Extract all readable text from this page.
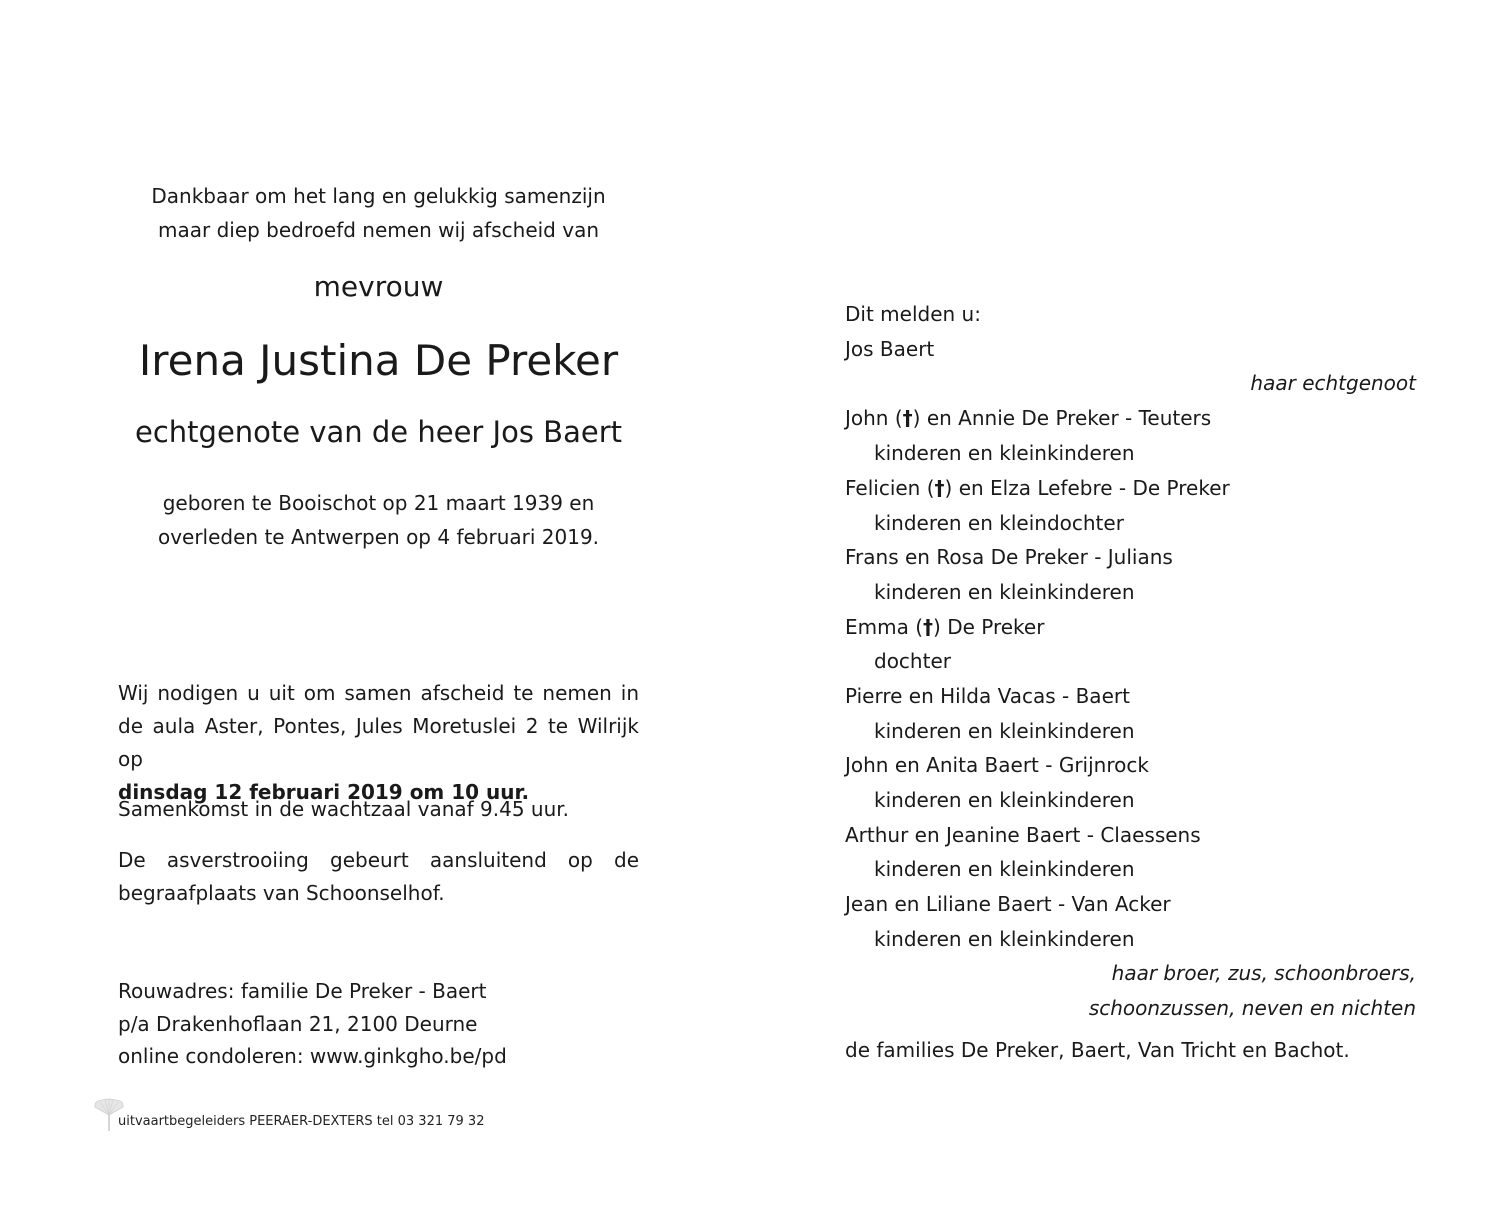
Dankbaar om het lang en gelukkig samenzijn
maar diep bedroefd nemen wij afscheid van
mevrouw
Irena Justina De Preker
echtgenote van de heer Jos Baert
geboren te Booischot op 21 maart 1939 en
overleden te Antwerpen op 4 februari 2019.
Wij nodigen u uit om samen afscheid te nemen in
de aula Aster, Pontes, Jules Moretuslei 2 te Wilrijk op
dinsdag 12 februari 2019 om 10 uur.
Samenkomst in de wachtzaal vanaf 9.45 uur.
De asverstrooiing gebeurt aansluitend op de
begraafplaats van Schoonselhof.
Rouwadres: familie De Preker - Baert
p/a Drakenhoflaan 21, 2100 Deurne
online condoleren: www.ginkgho.be/pd
uitvaartbegeleiders PEERAER-DEXTERS tel 03 321 79 32
Dit melden u:
Jos Baert
haar echtgenoot
John (†) en Annie De Preker - Teuters
kinderen en kleinkinderen
Felicien (†) en Elza Lefebre - De Preker
kinderen en kleindochter
Frans en Rosa De Preker - Julians
kinderen en kleinkinderen
Emma (†) De Preker
dochter
Pierre en Hilda Vacas - Baert
kinderen en kleinkinderen
John en Anita Baert - Grijnrock
kinderen en kleinkinderen
Arthur en Jeanine Baert - Claessens
kinderen en kleinkinderen
Jean en Liliane Baert - Van Acker
kinderen en kleinkinderen
haar broer, zus, schoonbroers,
schoonzussen, neven en nichten
de families De Preker, Baert, Van Tricht en Bachot.
